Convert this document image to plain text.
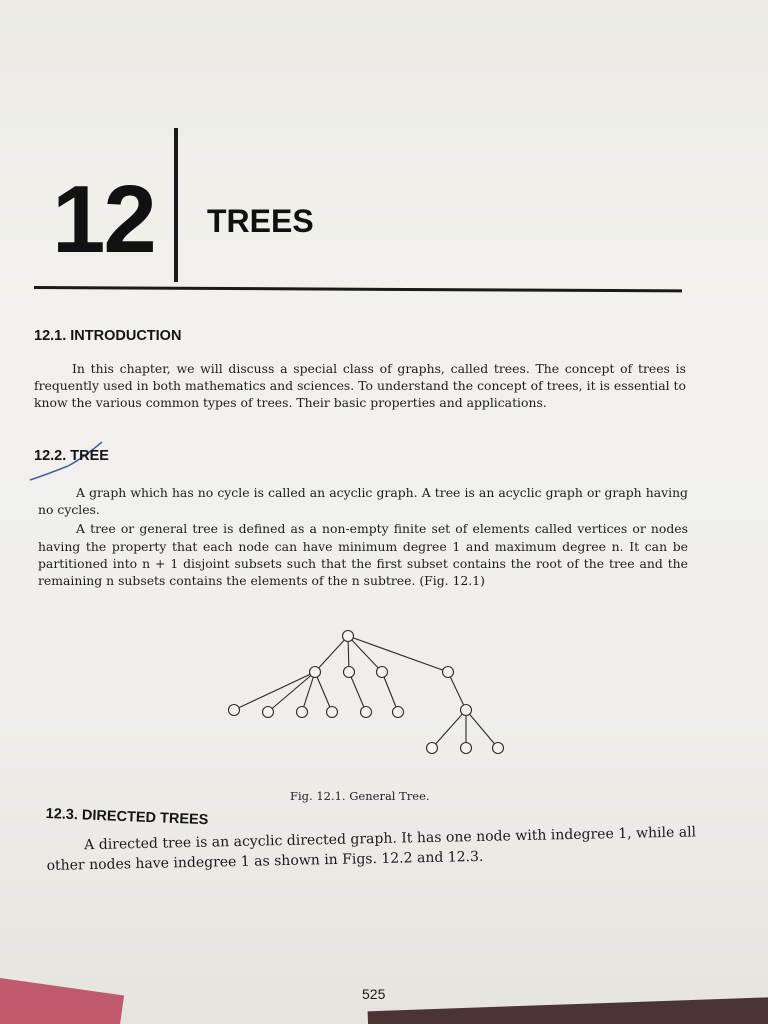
12 TREES
12.1. INTRODUCTION

In this chapter, we will discuss a special class of graphs, called trees. The concept of trees is frequently used in both mathematics and sciences. To understand the concept of trees, it is essential to know the various common types of trees. Their basic properties and applications.

12.2. TREE

A graph which has no cycle is called an acyclic graph. A tree is an acyclic graph or graph having no cycles.

A tree or general tree is defined as a non-empty finite set of elements called vertices or nodes having the property that each node can have minimum degree 1 and maximum degree n. It can be partitioned into n + 1 disjoint subsets such that the first subset contains the root of the tree and the remaining n subsets contains the elements of the n subtree. (Fig. 12.1)

Fig. 12.1. General Tree.
12.3. DIRECTED TREES

A directed tree is an acyclic directed graph. It has one node with indegree 1, while all other nodes have indegree 1 as shown in Figs. 12.2 and 12.3.

525
